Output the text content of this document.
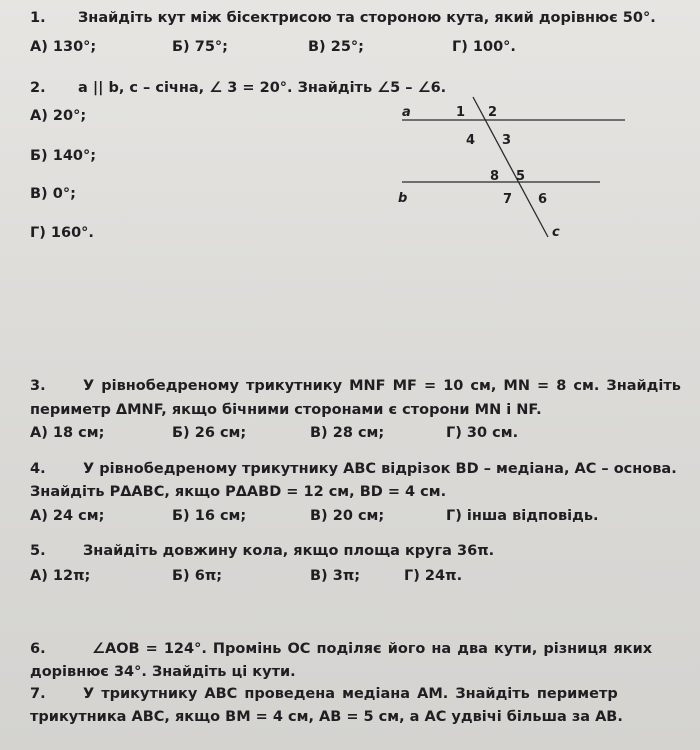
1. Знайдіть кут між бісектрисою та стороною кута, який дорівнює 50°.
А) 130°;	Б) 75°;	В) 25°;	Г) 100°.
2. a || b, c – січна, ∠ 3 = 20°. Знайдіть ∠5 – ∠6.
А) 20°;
Б) 140°;
В) 0°;
Г) 160°.
a
b
c
1 2
4 3
8 5
7 6
3.	У рівнобедреному трикутнику MNF MF = 10 см, MN = 8 см. Знайдіть
периметр ΔMNF, якщо бічними сторонами є сторони MN і NF.
А) 18 см;	Б) 26 см;	В) 28 см;	Г) 30 см.
4.	У рівнобедреному трикутнику АВС відрізок BD – медіана, АС – основа.
Знайдіть PΔABC, якщо PΔABD = 12 см, BD = 4 см.
А) 24 см;	Б) 16 см;	В) 20 см;	Г) інша відповідь.
5.	Знайдіть довжину кола, якщо площа круга 36π.
А) 12π;	Б) 6π;	В) 3π;	Г) 24π.
6.	∠AOB = 124°. Промінь ОС поділяє його на два кути, різниця яких
дорівнює 34°. Знайдіть ці кути.
7.	У трикутнику АВС проведена медіана АМ. Знайдіть периметр
трикутника АВС, якщо ВМ = 4 см, АВ = 5 см, а АС удвічі більша за АВ.
